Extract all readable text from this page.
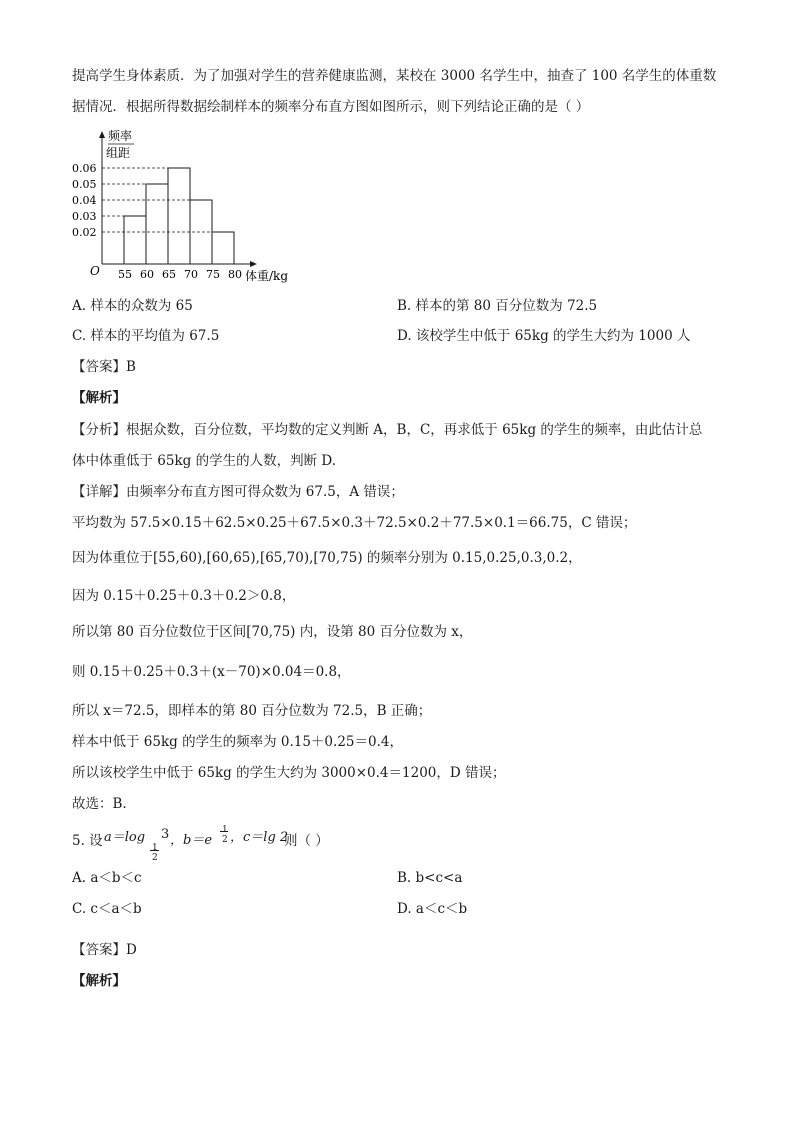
提高学生身体素质．为了加强对学生的营养健康监测，某校在 3000 名学生中，抽查了 100 名学生的体重数
据情况．根据所得数据绘制样本的频率分布直方图如图所示，则下列结论正确的是（ ）
0.06
0.05
0.04
0.03
0.02
55 60 65 70 75 80
频率
组距
O	体重/kg
A. 样本的众数为 65	B. 样本的第 80 百分位数为 72.5
C. 样本的平均值为 67.5	D. 该校学生中低于 65kg 的学生大约为 1000 人
【答案】B
【解析】
【分析】根据众数，百分位数，平均数的定义判断 A，B，C，再求低于 65kg 的学生的频率，由此估计总
体中体重低于 65kg 的学生的人数，判断 D.
【详解】由频率分布直方图可得众数为 67.5，A 错误；
平均数为 57.5×0.15＋62.5×0.25＋67.5×0.3＋72.5×0.2＋77.5×0.1＝66.75，C 错误；
因为体重位于[55,60),[60,65),[65,70),[70,75) 的频率分别为 0.15,0.25,0.3,0.2，
因为 0.15＋0.25＋0.3＋0.2＞0.8，
所以第 80 百分位数位于区间[70,75) 内，设第 80 百分位数为 x，
则 0.15＋0.25＋0.3＋(x－70)×0.04＝0.8，
所以 x＝72.5，即样本的第 80 百分位数为 72.5，B 正确；
样本中低于 65kg 的学生的频率为 0.15＋0.25＝0.4，
所以该校学生中低于 65kg 的学生大约为 3000×0.4＝1200，D 错误；
故选：B.
5. 设 a＝log
1
2
3 ，b＝e
1
2 ，c＝lg 2
则（ ）
A. a＜b＜c	B. b<c<a
C. c＜a＜b	D. a＜c＜b
【答案】D
【解析】
